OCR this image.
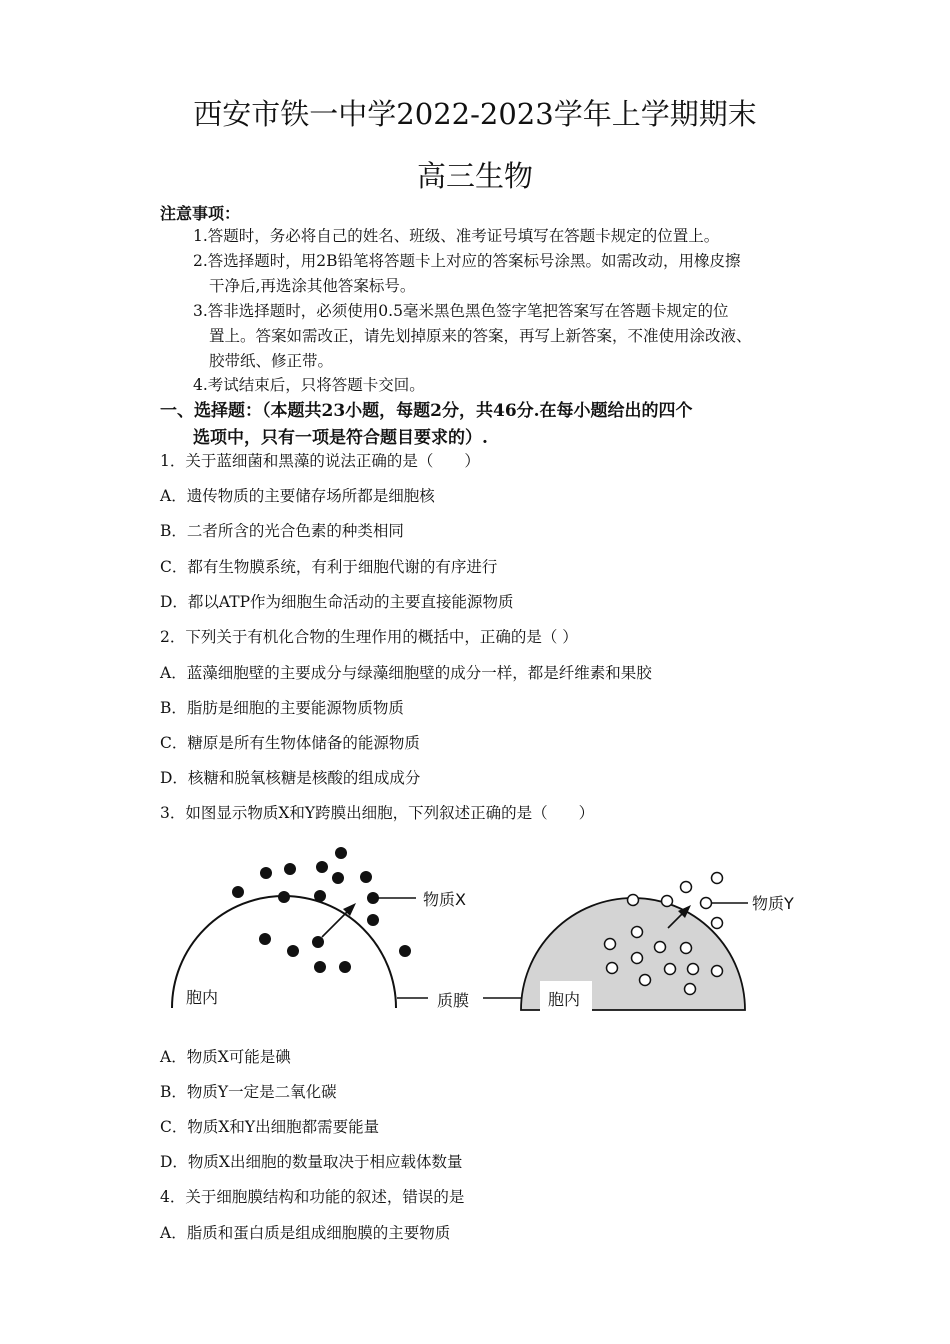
西安市铁一中学2022-2023学年上学期期末
高三生物
注意事项：
1.答题时，务必将自己的姓名、班级、准考证号填写在答题卡规定的位置上。
2.答选择题时，用2B铅笔将答题卡上对应的答案标号涂黑。如需改动，用橡皮擦
干净后,再选涂其他答案标号。
3.答非选择题时，必须使用0.5毫米黑色黑色签字笔把答案写在答题卡规定的位
置上。答案如需改正，请先划掉原来的答案，再写上新答案，不准使用涂改液、
胶带纸、修正带。
4.考试结束后，只将答题卡交回。
一、选择题：（本题共23小题，每题2分，共46分.在每小题给出的四个
选项中，只有一项是符合题目要求的）.
1．关于蓝细菌和黑藻的说法正确的是（　　）
A．遗传物质的主要储存场所都是细胞核
B．二者所含的光合色素的种类相同
C．都有生物膜系统，有利于细胞代谢的有序进行
D．都以ATP作为细胞生命活动的主要直接能源物质
2．下列关于有机化合物的生理作用的概括中，正确的是（ ）
A．蓝藻细胞壁的主要成分与绿藻细胞壁的成分一样，都是纤维素和果胶
B．脂肪是细胞的主要能源物质物质
C．糖原是所有生物体储备的能源物质
D．核糖和脱氧核糖是核酸的组成成分
3．如图显示物质X和Y跨膜出细胞，下列叙述正确的是（　　）
物质X
胞内	质膜	胞内
物质Y
A．物质X可能是碘
B．物质Y一定是二氧化碳
C．物质X和Y出细胞都需要能量
D．物质X出细胞的数量取决于相应载体数量
4．关于细胞膜结构和功能的叙述，错误的是
A．脂质和蛋白质是组成细胞膜的主要物质
